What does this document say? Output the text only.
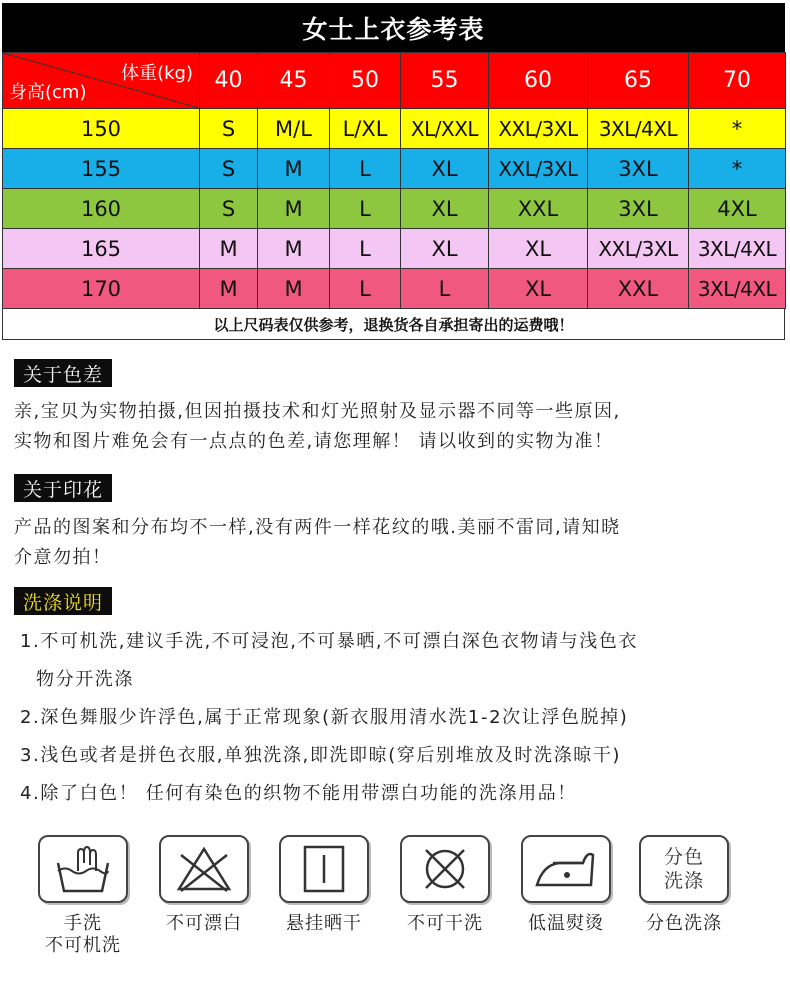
女士上衣参考表
体重(kg)
身高(cm)	40	45	50	55	60	65	70
150	S	M/L	L/XL	XL/XXL	XXL/3XL	3XL/4XL	*
155	S	M	L	XL	XXL/3XL	3XL	*
160	S	M	L	XL	XXL	3XL	4XL
165	M	M	L	XL	XL	XXL/3XL	3XL/4XL
170	M	M	L	L	XL	XXL	3XL/4XL
以上尺码表仅供参考，退换货各自承担寄出的运费哦！
关于色差

亲,宝贝为实物拍摄,但因拍摄技术和灯光照射及显示器不同等一些原因,

实物和图片难免会有一点点的色差,请您理解！ 请以收到的实物为准！

关于印花

产品的图案和分布均不一样,没有两件一样花纹的哦.美丽不雷同,请知晓

介意勿拍！

洗涤说明
1.不可机洗,建议手洗,不可浸泡,不可暴晒,不可漂白深色衣物请与浅色衣
物分开洗涤
2.深色舞服少许浮色,属于正常现象(新衣服用清水洗1-2次让浮色脱掉)
3.浅色或者是拼色衣服,单独洗涤,即洗即晾(穿后别堆放及时洗涤晾干)
4.除了白色！ 任何有染色的织物不能用带漂白功能的洗涤用品！
手洗
不可机洗
不可漂白	悬挂晒干	不可干洗	低温熨烫
分色
洗涤
分色洗涤
